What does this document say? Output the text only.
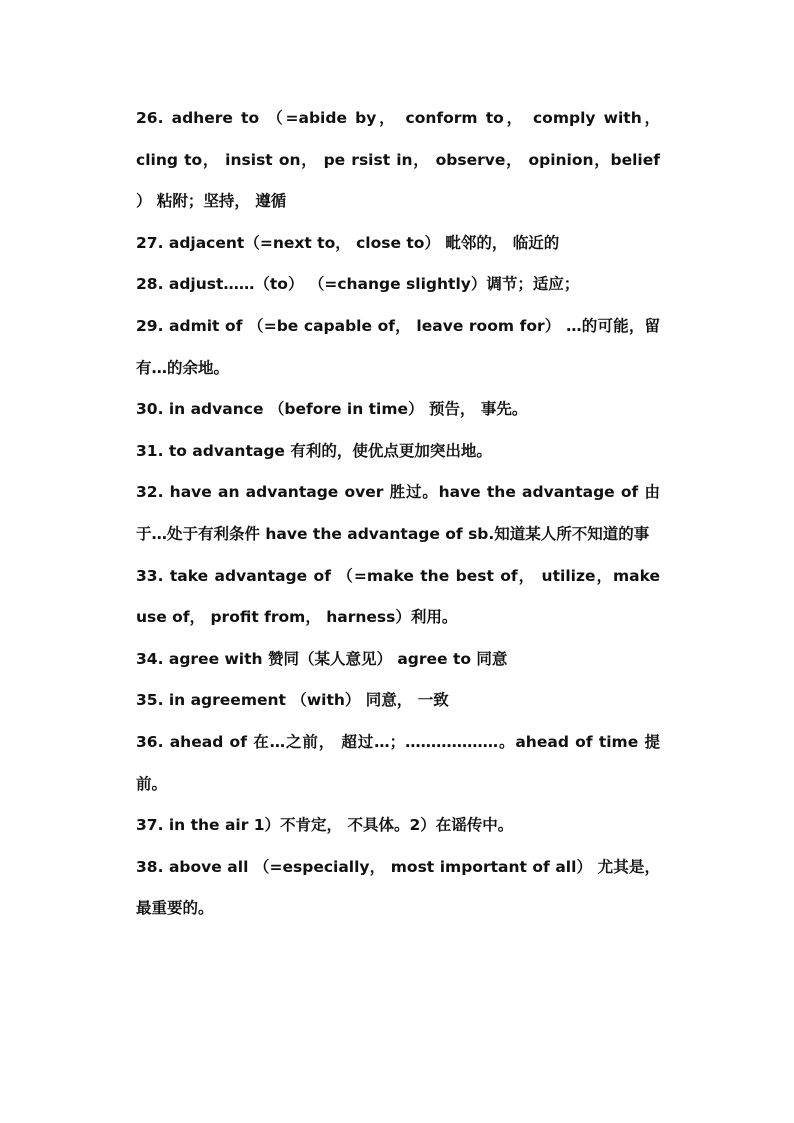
26. adhere to （=abide by， conform to， comply with，cling to， insist on， pe rsist in， observe， opinion，belief ） 粘附；坚持， 遵循

27. adjacent（=next to， close to） 毗邻的， 临近的

28. adjust……（to） （=change slightly）调节；适应；

29. admit of （=be capable of， leave room for） …的可能，留有…的余地。

30. in advance （before in time） 预告， 事先。

31. to advantage 有利的，使优点更加突出地。

32. have an advantage over 胜过。have the advantage of 由于…处于有利条件 have the advantage of sb.知道某人所不知道的事

33. take advantage of （=make the best of， utilize，make use of， profit from， harness）利用。

34. agree with 赞同（某人意见） agree to 同意

35. in agreement （with） 同意， 一致

36. ahead of 在…之前， 超过…；………………。ahead of time 提前。

37. in the air 1）不肯定， 不具体。2）在谣传中。

38. above all （=especially， most important of all） 尤其是， 最重要的。
